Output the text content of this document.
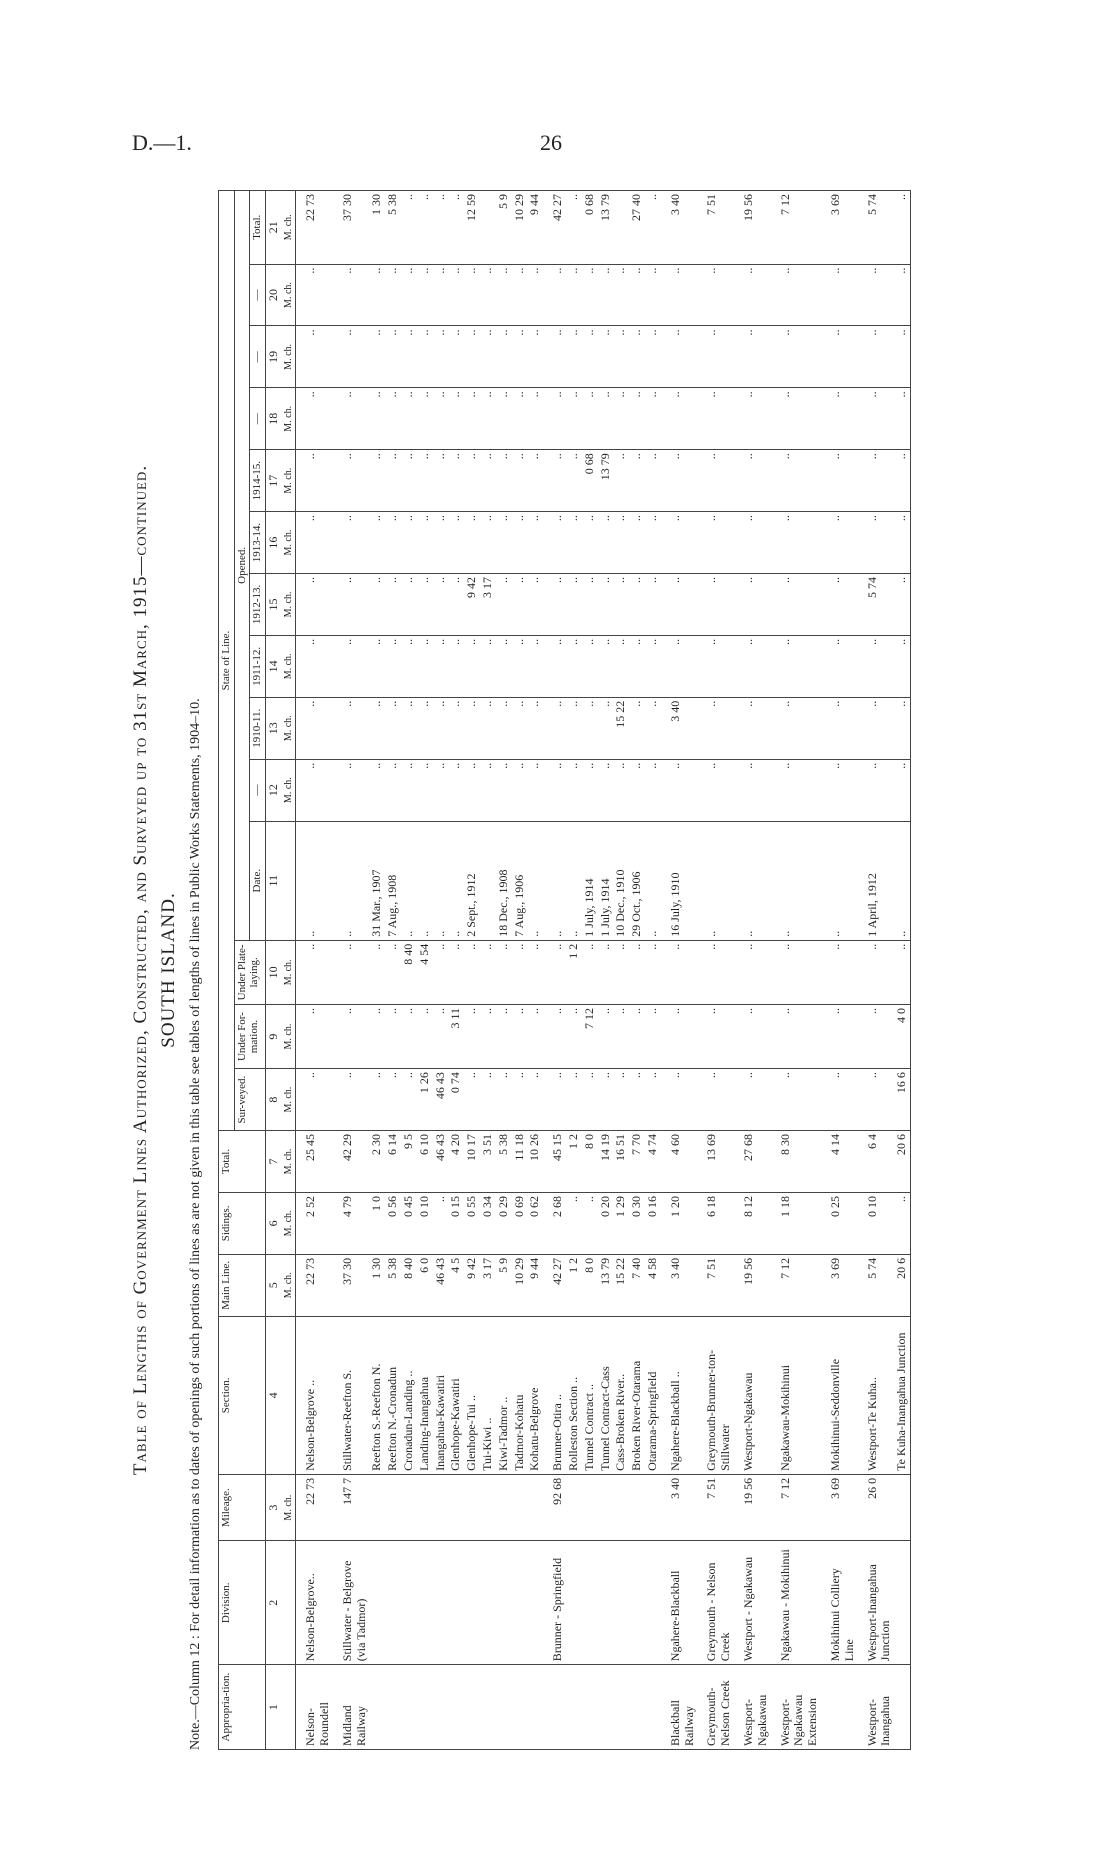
D.—1.	26
Table of Lengths of Government Lines Authorized, Constructed, and Surveyed up to 31st March, 1915—continued. SOUTH ISLAND. Note.—Column 12 : For detail information as to dates of openings of such portions of lines as are not given in this table see tables of lengths of lines in Public Works Statements, 1904–10. Appropria-tion.	Division.	Mileage.	Section.	Main Line.	Sidings.	Total.	State of Line.													
							Sur-veyed.	Under For-mation.	Under Plate-laying.	Opened.										
										Date.	—	1910-11.	1911-12.	1912-13.	1913-14.	1914-15.	—	—	—	Total.
1	2	3	4	5	6	7	8	9	10	11	12	13	14	15	16	17	18	19	20	21
		M. ch.		M. ch.	M. ch.	M. ch.	M. ch.	M. ch.	M. ch.		M. ch.	M. ch.	M. ch.	M. ch.	M. ch.	M. ch.	M. ch.	M. ch.	M. ch.	M. ch.
Nelson-Roundell	Nelson-Belgrove..	22 73	Nelson-Belgrove ..	22 73	2 52	25 45	..	..	..	..	..	..	..	..	..	..	..	..	..	22 73
Midland Railway	Stillwater - Belgrove (via Tadmor)	147 7	Stillwater-Reefton S.	37 30	4 79	42 29	..	..	..	..	..	..	..	..	..	..	..	..	..	37 30
			Reefton S.-Reefton N.	1 30	1 0	2 30	..	..	..	31 Mar., 1907	..	..	..	..	..	..	..	..	..	1 30
			Reefton N.-Cronadun	5 38	0 56	6 14	..	..	..	7 Aug., 1908	..	..	..	..	..	..	..	..	..	5 38
			Cronadun-Landing ..	8 40	0 45	9 5	..	..	8 40	..	..	..	..	..	..	..	..	..	..	..
			Landing-Inangahua	6 0	0 10	6 10	1 26	..	4 54	..	..	..	..	..	..	..	..	..	..	..
			Inangahua-Kawatiri	46 43	..	46 43	46 43	..	..	..	..	..	..	..	..	..	..	..	..	..
			Glenhope-Kawatiri	4 5	0 15	4 20	0 74	3 11	..	..	..	..	..	..	..	..	..	..	..	..
			Glenhope-Tui ..	9 42	0 55	10 17	..	..	..	2 Sept., 1912	..	..	..	9 42	..	..	..	..	..	12 59
			Tui-Kiwi ..	3 17	0 34	3 51	..	..	..		..	..	..	3 17	..	..	..	..	..	
			Kiwi-Tadmor ..	5 9	0 29	5 38	..	..	..	18 Dec., 1908	..	..	..	..	..	..	..	..	..	5 9
			Tadmor-Kohatu	10 29	0 69	11 18	..	..	..	7 Aug., 1906	..	..	..	..	..	..	..	..	..	10 29
			Kohatu-Belgrove	9 44	0 62	10 26	..	..	..	..	..	..	..	..	..	..	..	..	..	9 44
	Brunner - Springfield	92 68	Brunner-Otira ..	42 27	2 68	45 15	..	..	..	..	..	..	..	..	..	..	..	..	..	42 27
			Rolleston Section ..	1 2	..	1 2	..	..	1 2	..	..	..	..	..	..	..	..	..	..	..
			Tunnel Contract ..	8 0	..	8 0	..	7 12	..	1 July, 1914	..	..	..	..	..	0 68	..	..	..	0 68
			Tunnel Contract-Cass	13 79	0 20	14 19	..	..	..	1 July, 1914	..	..	..	..	..	13 79	..	..	..	13 79
			Cass-Broken River..	15 22	1 29	16 51	..	..	..	10 Dec., 1910	..	15 22	..	..	..	..	..	..	..	
			Broken River-Otarama	7 40	0 30	7 70	..	..	..	29 Oct., 1906	..	..	..	..	..	..	..	..	..	27 40
			Otarama-Springfield	4 58	0 16	4 74	..	..	..	..	..	..	..	..	..	..	..	..	..	..
Blackball Railway	Ngahere-Blackball	3 40	Ngahere-Blackball ..	3 40	1 20	4 60	..	..	..	16 July, 1910	..	3 40	..	..	..	..	..	..	..	3 40
Greymouth-Nelson Creek	Greymouth - Nelson Creek	7 51	Greymouth-Brunner-ton-Stillwater	7 51	6 18	13 69	..	..	..	..	..	..	..	..	..	..	..	..	..	7 51
Westport-Ngakawau	Westport - Ngakawau	19 56	Westport-Ngakawau	19 56	8 12	27 68	..	..	..	..	..	..	..	..	..	..	..	..	..	19 56
Westport-Ngakawau Extension	Ngakawau - Mokihinui	7 12	Ngakawau-Mokihinui	7 12	1 18	8 30	..	..	..	..	..	..	..	..	..	..	..	..	..	7 12
	Mokihinui Colliery Line	3 69	Mokihinui-Seddonville	3 69	0 25	4 14	..	..	..	..	..	..	..	..	..	..	..	..	..	3 69
Westport-Inangahua	Westport-Inangahua Junction	26 0	Westport-Te Kuha..	5 74	0 10	6 4	..	..	..	1 April, 1912	..	..	..	5 74	..	..	..	..	..	5 74
			Te Kuha-Inangahua Junction	20 6	..	20 6	16 6	4 0	..	..	..	..	..	..	..	..	..	..	..	..
